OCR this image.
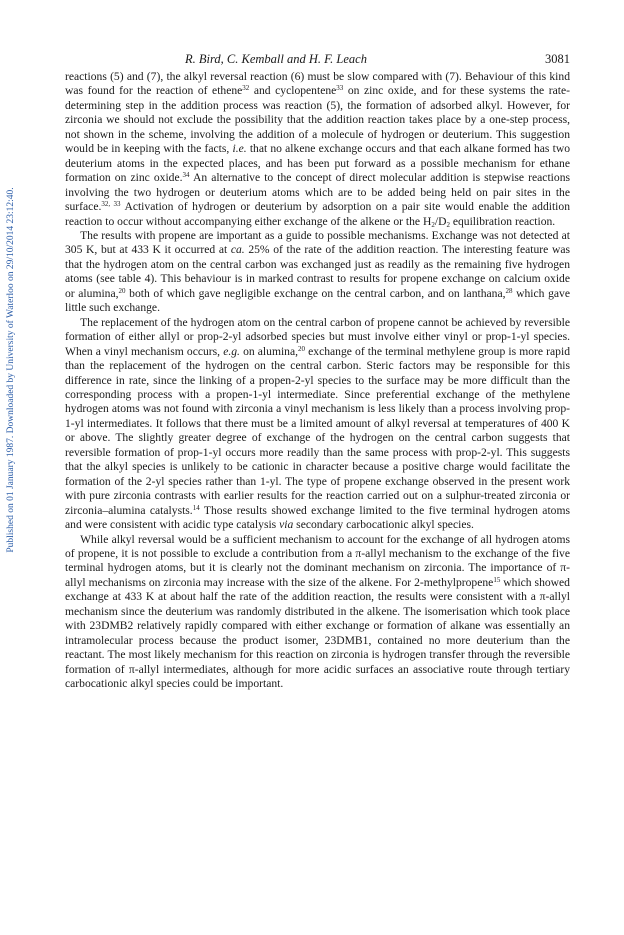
Published on 01 January 1987. Downloaded by University of Waterloo on 29/10/2014 23:12:40.
R. Bird, C. Kemball and H. F. Leach	3081

reactions (5) and (7), the alkyl reversal reaction (6) must be slow compared with (7). Behaviour of this kind was found for the reaction of ethene$^{32}$ and cyclopentene$^{33}$ on zinc oxide, and for these systems the rate-determining step in the addition process was reaction (5), the formation of adsorbed alkyl. However, for zirconia we should not exclude the possibility that the addition reaction takes place by a one-step process, not shown in the scheme, involving the addition of a molecule of hydrogen or deuterium. This suggestion would be in keeping with the facts, i.e. that no alkene exchange occurs and that each alkane formed has two deuterium atoms in the expected places, and has been put forward as a possible mechanism for ethane formation on zinc oxide.$^{34}$ An alternative to the concept of direct molecular addition is stepwise reactions involving the two hydrogen or deuterium atoms which are to be added being held on pair sites in the surface.$^{32, 33}$ Activation of hydrogen or deuterium by adsorption on a pair site would enable the addition reaction to occur without accompanying either exchange of the alkene or the $H_2/D_2$ equilibration reaction.

The results with propene are important as a guide to possible mechanisms. Exchange was not detected at 305 K, but at 433 K it occurred at ca. 25% of the rate of the addition reaction. The interesting feature was that the hydrogen atom on the central carbon was exchanged just as readily as the remaining five hydrogen atoms (see table 4). This behaviour is in marked contrast to results for propene exchange on calcium oxide or alumina,$^{20}$ both of which gave negligible exchange on the central carbon, and on lanthana,$^{28}$ which gave little such exchange.

The replacement of the hydrogen atom on the central carbon of propene cannot be achieved by reversible formation of either allyl or prop-2-yl adsorbed species but must involve either vinyl or prop-1-yl species. When a vinyl mechanism occurs, e.g. on alumina,$^{20}$ exchange of the terminal methylene group is more rapid than the replacement of the hydrogen on the central carbon. Steric factors may be responsible for this difference in rate, since the linking of a propen-2-yl species to the surface may be more difficult than the corresponding process with a propen-1-yl intermediate. Since preferential exchange of the methylene hydrogen atoms was not found with zirconia a vinyl mechanism is less likely than a process involving prop-1-yl intermediates. It follows that there must be a limited amount of alkyl reversal at temperatures of 400 K or above. The slightly greater degree of exchange of the hydrogen on the central carbon suggests that reversible formation of prop-1-yl occurs more readily than the same process with prop-2-yl. This suggests that the alkyl species is unlikely to be cationic in character because a positive charge would facilitate the formation of the 2-yl species rather than 1-yl. The type of propene exchange observed in the present work with pure zirconia contrasts with earlier results for the reaction carried out on a sulphur-treated zirconia or zirconia–alumina catalysts.$^{14}$ Those results showed exchange limited to the five terminal hydrogen atoms and were consistent with acidic type catalysis via secondary carbocationic alkyl species.

While alkyl reversal would be a sufficient mechanism to account for the exchange of all hydrogen atoms of propene, it is not possible to exclude a contribution from a π-allyl mechanism to the exchange of the five terminal hydrogen atoms, but it is clearly not the dominant mechanism on zirconia. The importance of π-allyl mechanisms on zirconia may increase with the size of the alkene. For 2-methylpropene$^{15}$ which showed exchange at 433 K at about half the rate of the addition reaction, the results were consistent with a π-allyl mechanism since the deuterium was randomly distributed in the alkene. The isomerisation which took place with 23DMB2 relatively rapidly compared with either exchange or formation of alkane was essentially an intramolecular process because the product isomer, 23DMB1, contained no more deuterium than the reactant. The most likely mechanism for this reaction on zirconia is hydrogen transfer through the reversible formation of π-allyl intermediates, although for more acidic surfaces an associative route through tertiary carbocationic alkyl species could be important.
